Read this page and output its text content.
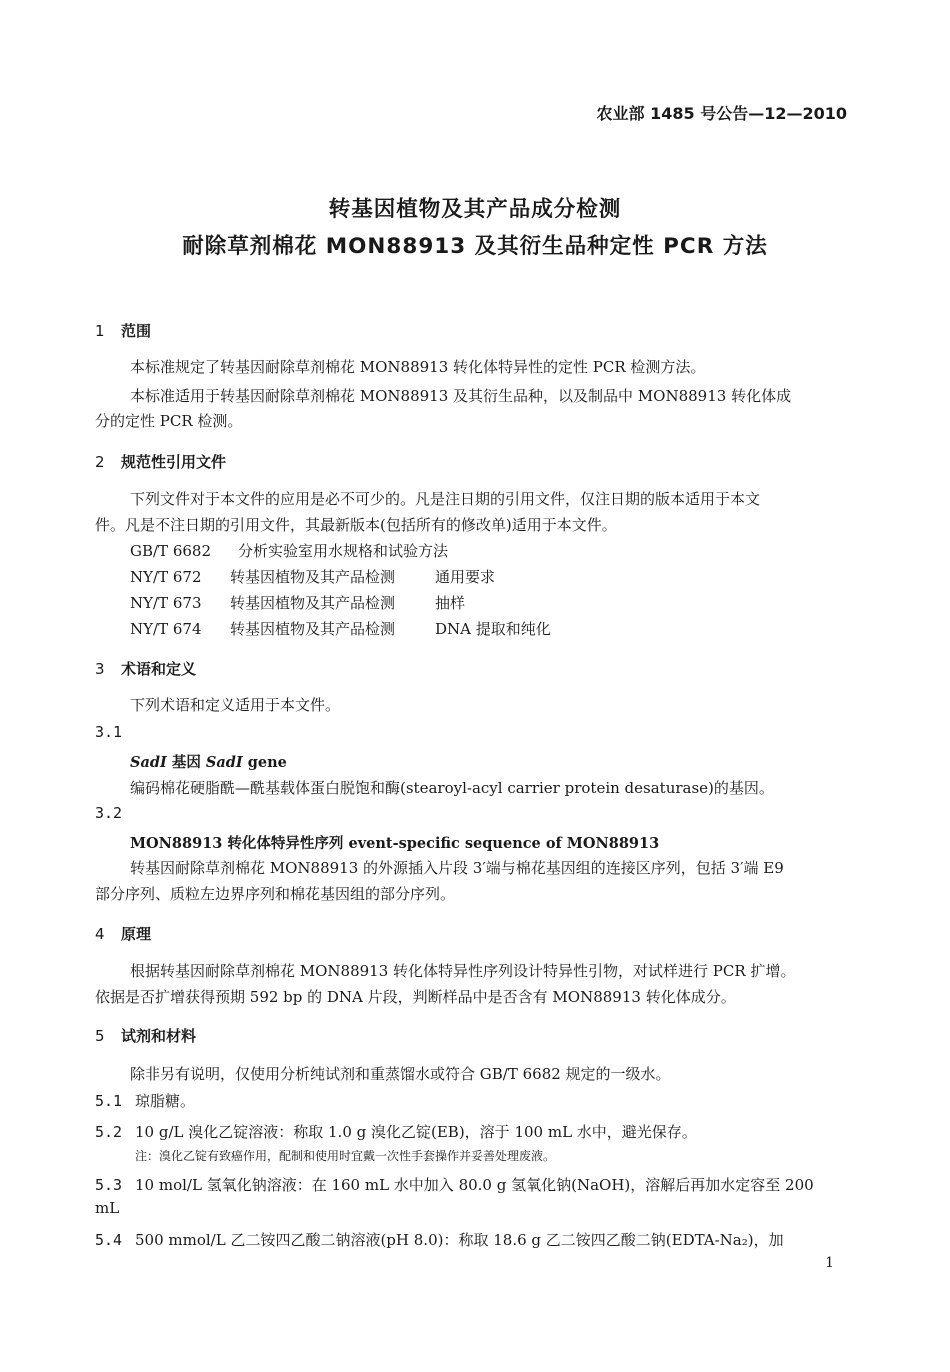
农业部 1485 号公告—12—2010
转基因植物及其产品成分检测
耐除草剂棉花 MON88913 及其衍生品种定性 PCR 方法
1 范围
本标准规定了转基因耐除草剂棉花 MON88913 转化体特异性的定性 PCR 检测方法。
本标准适用于转基因耐除草剂棉花 MON88913 及其衍生品种，以及制品中 MON88913 转化体成
分的定性 PCR 检测。
2 规范性引用文件
下列文件对于本文件的应用是必不可少的。凡是注日期的引用文件，仅注日期的版本适用于本文
件。凡是不注日期的引用文件，其最新版本(包括所有的修改单)适用于本文件。
GB/T 6682 分析实验室用水规格和试验方法
NY/T 672 转基因植物及其产品检测	通用要求
NY/T 673 转基因植物及其产品检测	抽样
NY/T 674 转基因植物及其产品检测	DNA 提取和纯化
3 术语和定义
下列术语和定义适用于本文件。
3.1
SadI 基因 SadI gene
编码棉花硬脂酰—酰基载体蛋白脱饱和酶(stearoyl-acyl carrier protein desaturase)的基因。
3.2
MON88913 转化体特异性序列 event-specific sequence of MON88913
转基因耐除草剂棉花 MON88913 的外源插入片段 3′端与棉花基因组的连接区序列，包括 3′端 E9
部分序列、质粒左边界序列和棉花基因组的部分序列。
4 原理
根据转基因耐除草剂棉花 MON88913 转化体特异性序列设计特异性引物，对试样进行 PCR 扩增。
依据是否扩增获得预期 592 bp 的 DNA 片段，判断样品中是否含有 MON88913 转化体成分。
5 试剂和材料
除非另有说明，仅使用分析纯试剂和重蒸馏水或符合 GB/T 6682 规定的一级水。
5.1 琼脂糖。
5.2 10 g/L 溴化乙锭溶液：称取 1.0 g 溴化乙锭(EB)，溶于 100 mL 水中，避光保存。
注：溴化乙锭有致癌作用，配制和使用时宜戴一次性手套操作并妥善处理废液。
5.3 10 mol/L 氢氧化钠溶液：在 160 mL 水中加入 80.0 g 氢氧化钠(NaOH)，溶解后再加水定容至 200
mL
5.4 500 mmol/L 乙二铵四乙酸二钠溶液(pH 8.0)：称取 18.6 g 乙二铵四乙酸二钠(EDTA-Na₂)，加
1
